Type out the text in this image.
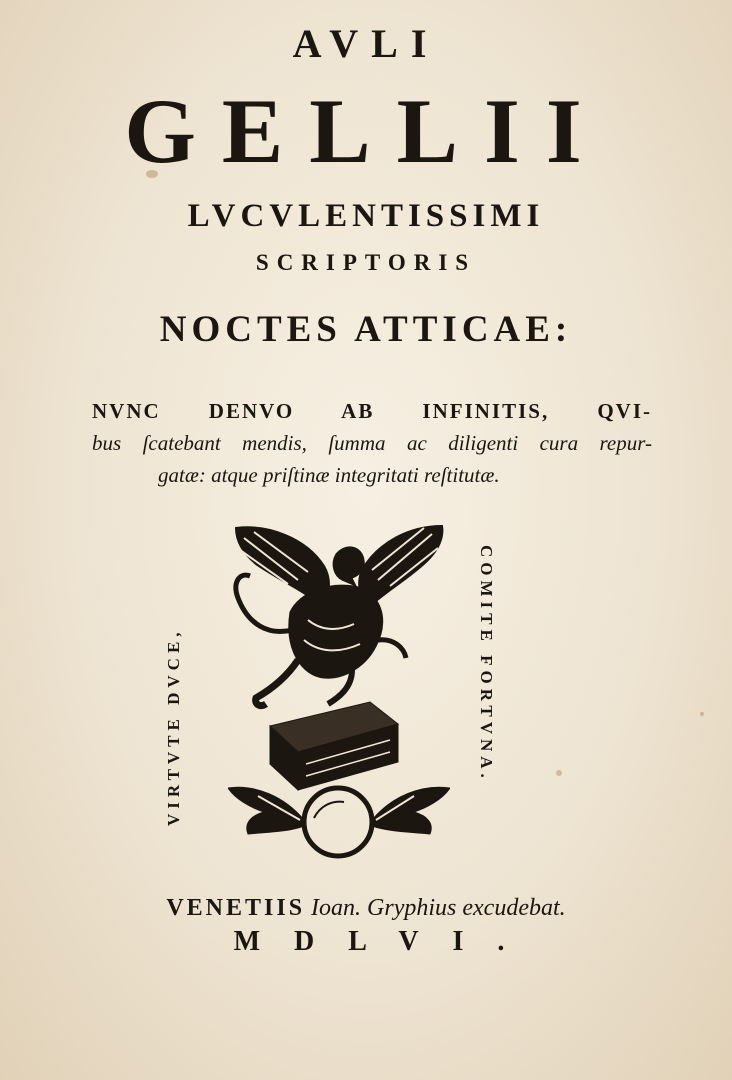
AVLI
GELLII
LVCVLENTISSIMI
SCRIPTORIS
NOCTES ATTICAE:
NVNC DENVO AB INFINITIS, QVI-
bus ſcatebant mendis, ſumma ac diligenti cura repur-
gatæ: atque priſtinæ integritati reſtitutæ.
VIRTVTE DVCE,	COMITE FORTVNA.
VENETIIS Ioan. Gryphius excudebat.
MDLVI.
